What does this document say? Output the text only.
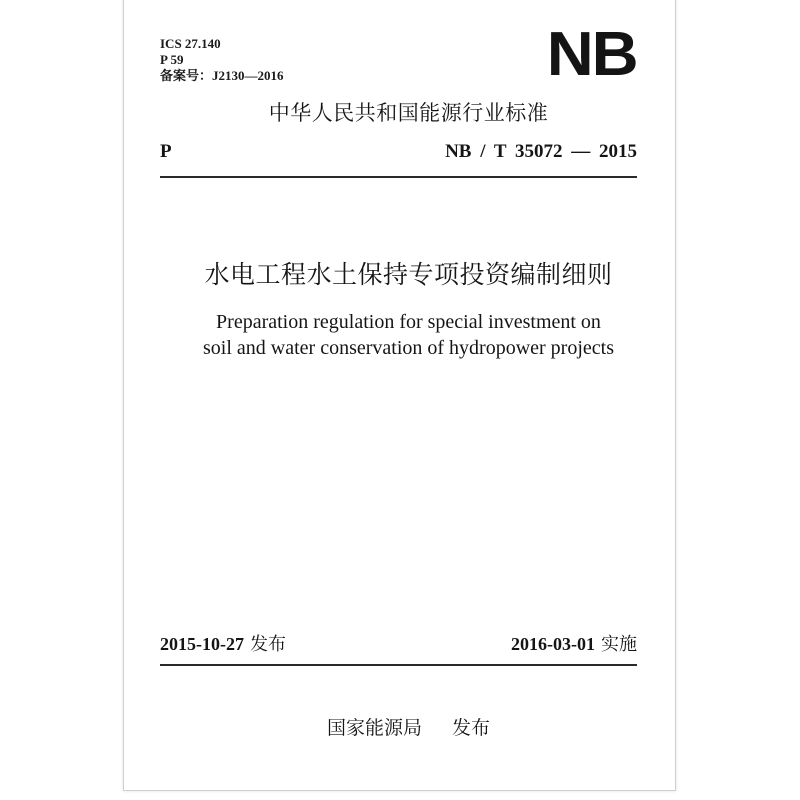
ICS 27.140
P 59
备案号：J2130—2016	NB
中华人民共和国能源行业标准
P	NB / T 35072 — 2015
水电工程水土保持专项投资编制细则
Preparation regulation for special investment on
soil and water conservation of hydropower projects
2015-10-27 发布	2016-03-01 实施
国家能源局 发布
